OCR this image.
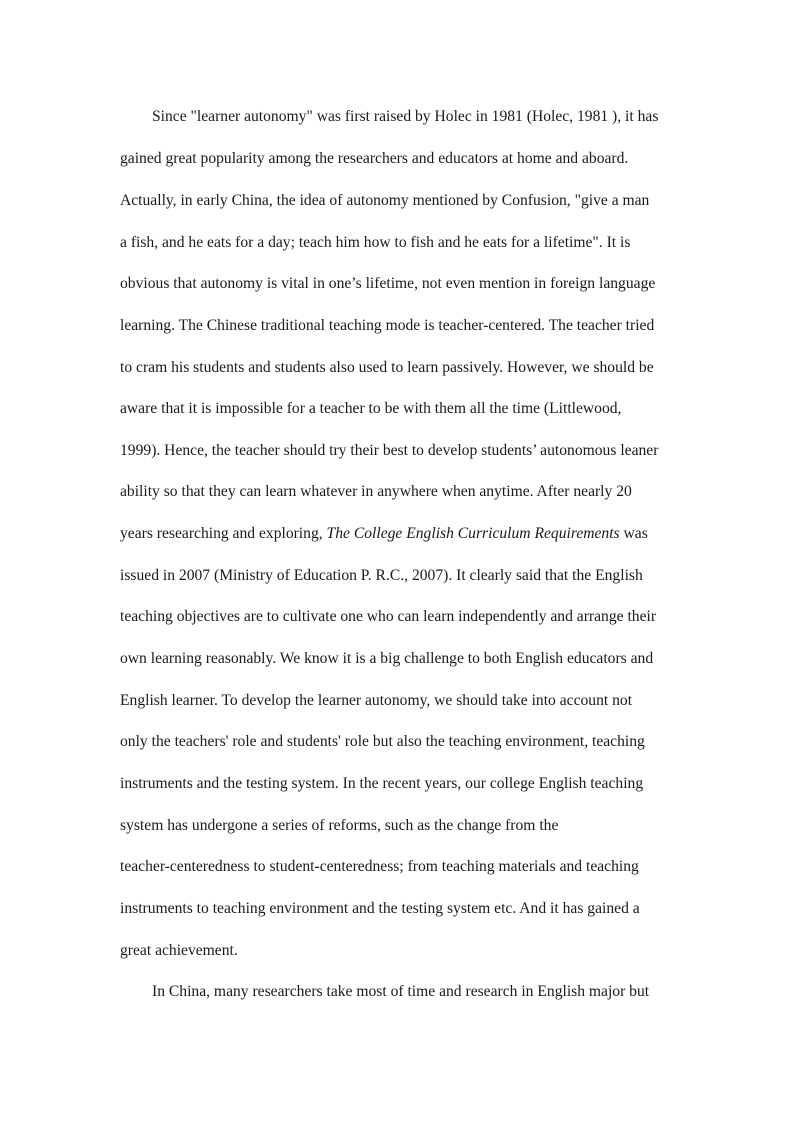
Since "learner autonomy" was first raised by Holec in 1981 (Holec, 1981 ), it has
gained great popularity among the researchers and educators at home and aboard.
Actually, in early China, the idea of autonomy mentioned by Confusion, "give a man
a fish, and he eats for a day; teach him how to fish and he eats for a lifetime". It is
obvious that autonomy is vital in one’s lifetime, not even mention in foreign language
learning. The Chinese traditional teaching mode is teacher-centered. The teacher tried
to cram his students and students also used to learn passively. However, we should be
aware that it is impossible for a teacher to be with them all the time (Littlewood,
1999). Hence, the teacher should try their best to develop students’ autonomous leaner
ability so that they can learn whatever in anywhere when anytime. After nearly 20
years researching and exploring, The College English Curriculum Requirements was
issued in 2007 (Ministry of Education P. R.C., 2007). It clearly said that the English
teaching objectives are to cultivate one who can learn independently and arrange their
own learning reasonably. We know it is a big challenge to both English educators and
English learner. To develop the learner autonomy, we should take into account not
only the teachers' role and students' role but also the teaching environment, teaching
instruments and the testing system. In the recent years, our college English teaching
system has undergone a series of reforms, such as the change from the
teacher-centeredness to student-centeredness; from teaching materials and teaching
instruments to teaching environment and the testing system etc. And it has gained a
great achievement.
In China, many researchers take most of time and research in English major but
